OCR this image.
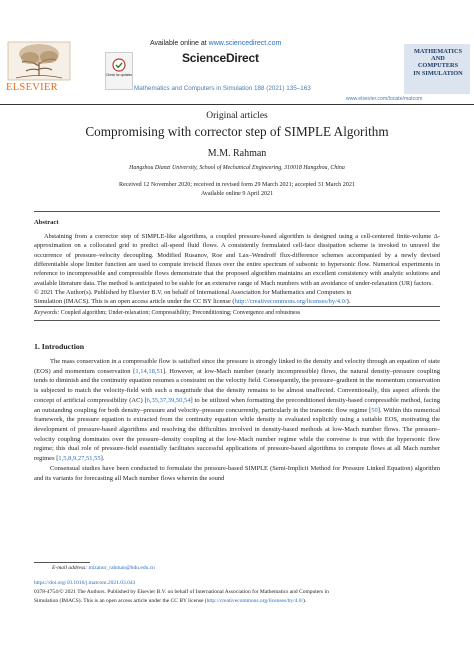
ELSEVIER
Check for updates
Available online at www.sciencedirect.com
ScienceDirect
Mathematics and Computers in Simulation 188 (2021) 135–163
MATHEMATICS
AND
COMPUTERS
IN SIMULATION
www.elsevier.com/locate/matcom
Original articles
Compromising with corrector step of SIMPLE Algorithm
M.M. Rahman
Hangzhou Dianzi University, School of Mechanical Engineering, 310018 Hangzhou, China
Received 12 November 2020; received in revised form 29 March 2021; accepted 31 March 2021
Available online 9 April 2021
Abstract

Abstaining from a corrector step of SIMPLE-like algorithms, a coupled pressure-based algorithm is designed using a cell-centered finite-volume Δ-approximation on a collocated grid to predict all-speed fluid flows. A consistently formulated cell-face dissipation scheme is invoked to unravel the occurrence of pressure–velocity decoupling. Modified Rusanov, Roe and Lax–Wendroff flux-difference schemes accompanied by a newly devised differentiable slope limiter function are used to compute inviscid fluxes over the entire spectrum of subsonic to hypersonic flow. Numerical experiments in reference to incompressible and compressible flows demonstrate that the proposed algorithm maintains an excellent consistency with analytic solutions and available literature data. The method is anticipated to be stable for an extensive range of Mach numbers with an avoidance of under-relaxation (UR) factors.

© 2021 The Author(s). Published by Elsevier B.V. on behalf of International Association for Mathematics and Computers in
Simulation (IMACS). This is an open access article under the CC BY license (http://creativecommons.org/licenses/by/4.0/).
Keywords: Coupled algorithm; Under-relaxation; Compressibility; Preconditioning; Convergence and robustness
1. Introduction

The mass conservation in a compressible flow is satisfied since the pressure is strongly linked to the density and velocity through an equation of state (EOS) and momentum conservation [1,14,18,51]. However, at low-Mach number (nearly incompressible) flows, the natural density–pressure coupling tends to diminish and the continuity equation resumes a constraint on the velocity field. Consequently, the pressure–gradient in the momentum conservation is subjected to match the velocity-field with such a magnitude that the density remains to be almost unaffected. Conventionally, this aspect affords the concept of artificial compressibility (AC) [6,35,37,39,50,54] to be utilized when formatting the preconditioned density-based compressible method, facing an outstanding coupling for both density–pressure and velocity–pressure concurrently, particularly in the transonic flow regime [50]. Within this numerical framework, the pressure equation is extracted from the continuity equation while density is evaluated explicitly using a suitable EOS, motivating the development of pressure-based algorithms and resolving the difficulties involved in density-based methods at low-Mach number flows. The pressure–velocity coupling dominates over the pressure–density coupling at the low-Mach number regime while the converse is true with the hypersonic flow regime; this dual role of pressure-field essentially facilitates successful applications of pressure-based algorithms to compute flows at all Mach number regimes [1,5,8,9,27,51,55].

Consensual studies have been conducted to formulate the pressure-based SIMPLE (Semi-Implicit Method for Pressure Linked Equation) algorithm and its variants for forecasting all Mach number flows wherein the sound

E-mail address: mizanur_rahman@hdu.edu.cn
https://doi.org/10.1016/j.matcom.2021.03.043
0378-4754/© 2021 The Authors. Published by Elsevier B.V. on behalf of International Association for Mathematics and Computers in
Simulation (IMACS). This is an open access article under the CC BY license (http://creativecommons.org/licenses/by/4.0/).
